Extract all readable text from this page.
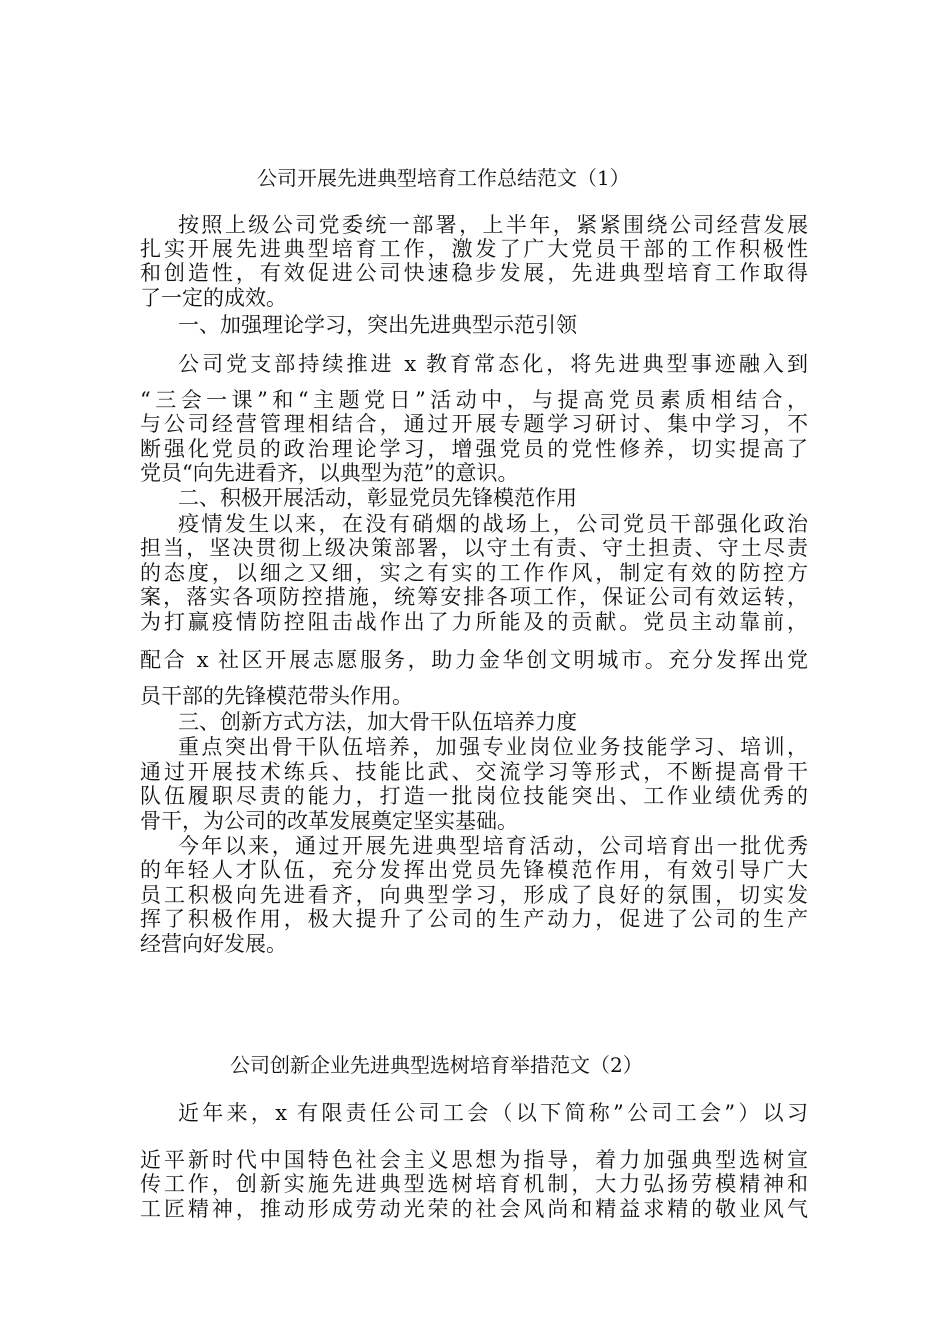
公司开展先进典型培育工作总结范文（1）
按照上级公司党委统一部署，上半年，紧紧围绕公司经营发展
扎实开展先进典型培育工作，激发了广大党员干部的工作积极性
和创造性，有效促进公司快速稳步发展，先进典型培育工作取得
了一定的成效。
一、加强理论学习，突出先进典型示范引领
公司党支部持续推进 x 教育常态化，将先进典型事迹融入到
“三会一课”和“主题党日”活动中，与提高党员素质相结合，
与公司经营管理相结合，通过开展专题学习研讨、集中学习，不
断强化党员的政治理论学习，增强党员的党性修养，切实提高了
党员“向先进看齐，以典型为范”的意识。
二、积极开展活动，彰显党员先锋模范作用
疫情发生以来，在没有硝烟的战场上，公司党员干部强化政治
担当，坚决贯彻上级决策部署，以守土有责、守土担责、守土尽责
的态度，以细之又细，实之有实的工作作风，制定有效的防控方
案，落实各项防控措施，统筹安排各项工作，保证公司有效运转，
为打赢疫情防控阻击战作出了力所能及的贡献。党员主动靠前，
配合 x 社区开展志愿服务，助力金华创文明城市。充分发挥出党
员干部的先锋模范带头作用。
三、创新方式方法，加大骨干队伍培养力度
重点突出骨干队伍培养，加强专业岗位业务技能学习、培训，
通过开展技术练兵、技能比武、交流学习等形式，不断提高骨干
队伍履职尽责的能力，打造一批岗位技能突出、工作业绩优秀的
骨干，为公司的改革发展奠定坚实基础。
今年以来，通过开展先进典型培育活动，公司培育出一批优秀
的年轻人才队伍，充分发挥出党员先锋模范作用，有效引导广大
员工积极向先进看齐，向典型学习，形成了良好的氛围，切实发
挥了积极作用，极大提升了公司的生产动力，促进了公司的生产
经营向好发展。
公司创新企业先进典型选树培育举措范文（2）
近年来，x 有限责任公司工会（以下简称”公司工会”）以习
近平新时代中国特色社会主义思想为指导，着力加强典型选树宣
传工作，创新实施先进典型选树培育机制，大力弘扬劳模精神和
工匠精神，推动形成劳动光荣的社会风尚和精益求精的敬业风气
